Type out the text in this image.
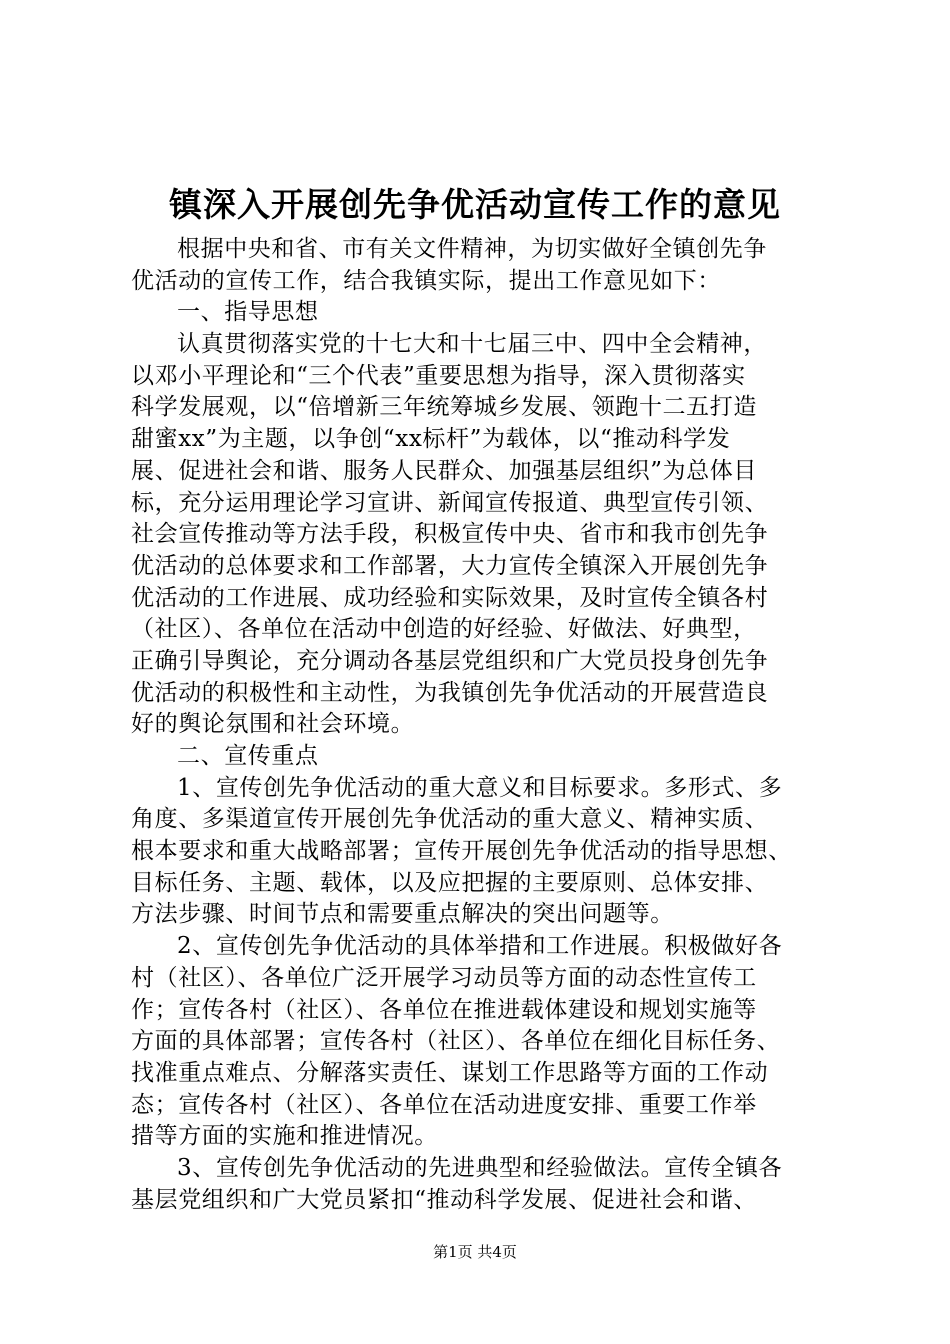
镇深入开展创先争优活动宣传工作的意见
根据中央和省、市有关文件精神，为切实做好全镇创先争
优活动的宣传工作，结合我镇实际，提出工作意见如下：
一、指导思想
认真贯彻落实党的十七大和十七届三中、四中全会精神，
以邓小平理论和“三个代表”重要思想为指导，深入贯彻落实
科学发展观，以“倍增新三年统筹城乡发展、领跑十二五打造
甜蜜xx”为主题，以争创“xx标杆”为载体，以“推动科学发
展、促进社会和谐、服务人民群众、加强基层组织”为总体目
标，充分运用理论学习宣讲、新闻宣传报道、典型宣传引领、
社会宣传推动等方法手段，积极宣传中央、省市和我市创先争
优活动的总体要求和工作部署，大力宣传全镇深入开展创先争
优活动的工作进展、成功经验和实际效果，及时宣传全镇各村
（社区）、各单位在活动中创造的好经验、好做法、好典型，
正确引导舆论，充分调动各基层党组织和广大党员投身创先争
优活动的积极性和主动性，为我镇创先争优活动的开展营造良
好的舆论氛围和社会环境。
二、宣传重点
1、宣传创先争优活动的重大意义和目标要求。多形式、多
角度、多渠道宣传开展创先争优活动的重大意义、精神实质、
根本要求和重大战略部署；宣传开展创先争优活动的指导思想、
目标任务、主题、载体，以及应把握的主要原则、总体安排、
方法步骤、时间节点和需要重点解决的突出问题等。
2、宣传创先争优活动的具体举措和工作进展。积极做好各
村（社区）、各单位广泛开展学习动员等方面的动态性宣传工
作；宣传各村（社区）、各单位在推进载体建设和规划实施等
方面的具体部署；宣传各村（社区）、各单位在细化目标任务、
找准重点难点、分解落实责任、谋划工作思路等方面的工作动
态；宣传各村（社区）、各单位在活动进度安排、重要工作举
措等方面的实施和推进情况。
3、宣传创先争优活动的先进典型和经验做法。宣传全镇各
基层党组织和广大党员紧扣“推动科学发展、促进社会和谐、
第1页 共4页
